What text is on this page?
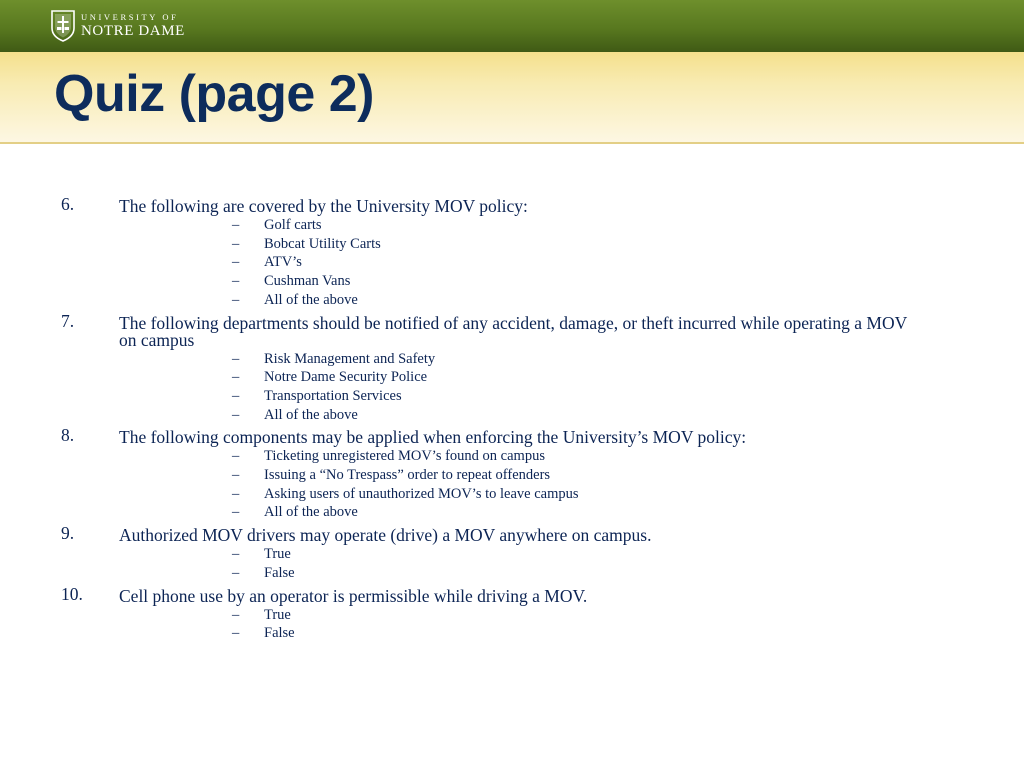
UNIVERSITY OF
NOTRE DAME
Quiz (page 2)
6.	The following are covered by the University MOV policy:
– Golf carts
– Bobcat Utility Carts
– ATV’s
– Cushman Vans
– All of the above
7.	The following departments should be notified of any accident, damage, or theft incurred while operating a MOV on campus
– Risk Management and Safety
– Notre Dame Security Police
– Transportation Services
– All of the above
8.	The following components may be applied when enforcing the University’s MOV policy:
– Ticketing unregistered MOV’s found on campus
– Issuing a “No Trespass” order to repeat offenders
– Asking users of unauthorized MOV’s to leave campus
– All of the above
9.	Authorized MOV drivers may operate (drive) a MOV anywhere on campus.
– True
– False
10. Cell phone use by an operator is permissible while driving a MOV.
– True
– False
